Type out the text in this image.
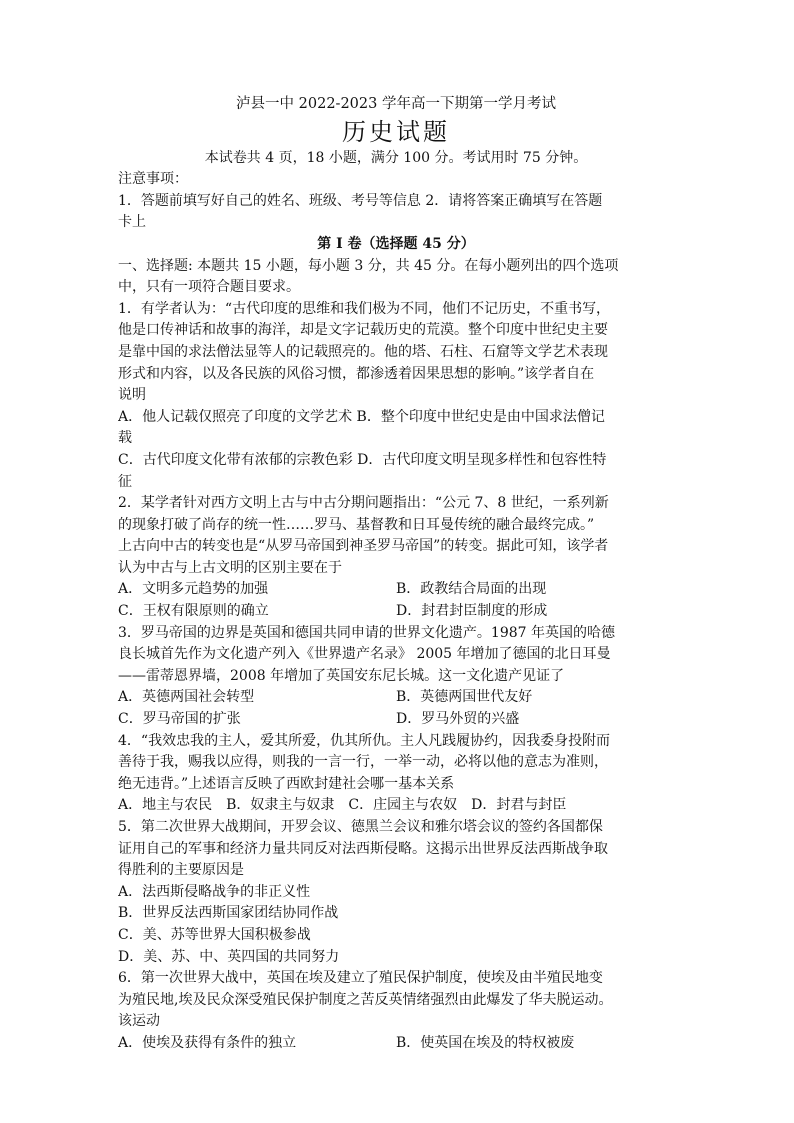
泸县一中 2022-2023 学年高一下期第一学月考试
历史试题
本试卷共 4 页，18 小题，满分 100 分。考试用时 75 分钟。
注意事项：
1．答题前填写好自己的姓名、班级、考号等信息 2．请将答案正确填写在答题
卡上
第 I 卷（选择题 45 分）
一、选择题: 本题共 15 小题，每小题 3 分，共 45 分。在每小题列出的四个选项
中，只有一项符合题目要求。
1．有学者认为：“古代印度的思维和我们极为不同，他们不记历史，不重书写，
他是口传神话和故事的海洋，却是文字记载历史的荒漠。整个印度中世纪史主要
是靠中国的求法僧法显等人的记载照亮的。他的塔、石柱、石窟等文学艺术表现
形式和内容，以及各民族的风俗习惯，都渗透着因果思想的影响。”该学者自在
说明
A．他人记载仅照亮了印度的文学艺术 B．整个印度中世纪史是由中国求法僧记
载
C．古代印度文化带有浓郁的宗教色彩 D．古代印度文明呈现多样性和包容性特
征
2．某学者针对西方文明上古与中古分期问题指出：“公元 7、8 世纪，一系列新
的现象打破了尚存的统一性……罗马、基督教和日耳曼传统的融合最终完成。”
上古向中古的转变也是“从罗马帝国到神圣罗马帝国”的转变。据此可知，该学者
认为中古与上古文明的区别主要在于
A．文明多元趋势的加强	B．政教结合局面的出现
C．王权有限原则的确立	D．封君封臣制度的形成
3．罗马帝国的边界是英国和德国共同申请的世界文化遗产。1987 年英国的哈德
良长城首先作为文化遗产列入《世界遗产名录》 2005 年增加了德国的北日耳曼
——雷蒂恩界墙，2008 年增加了英国安东尼长城。这一文化遗产见证了
A．英德两国社会转型	B．英德两国世代友好
C．罗马帝国的扩张	D．罗马外贸的兴盛
4．“我效忠我的主人，爱其所爱，仇其所仇。主人凡践履协约，因我委身投附而
善待于我，赐我以应得，则我的一言一行，一举一动，必将以他的意志为准则，
绝无违背。”上述语言反映了西欧封建社会哪一基本关系
A．地主与农民 B．奴隶主与奴隶 C．庄园主与农奴 D．封君与封臣
5．第二次世界大战期间，开罗会议、德黑兰会议和雅尔塔会议的签约各国都保
证用自己的军事和经济力量共同反对法西斯侵略。这揭示出世界反法西斯战争取
得胜利的主要原因是
A．法西斯侵略战争的非正义性
B．世界反法西斯国家团结协同作战
C．美、苏等世界大国积极参战
D．美、苏、中、英四国的共同努力
6．第一次世界大战中，英国在埃及建立了殖民保护制度，使埃及由半殖民地变
为殖民地,埃及民众深受殖民保护制度之苦反英情绪强烈由此爆发了华夫脱运动。
该运动
A．使埃及获得有条件的独立	B．使英国在埃及的特权被废
